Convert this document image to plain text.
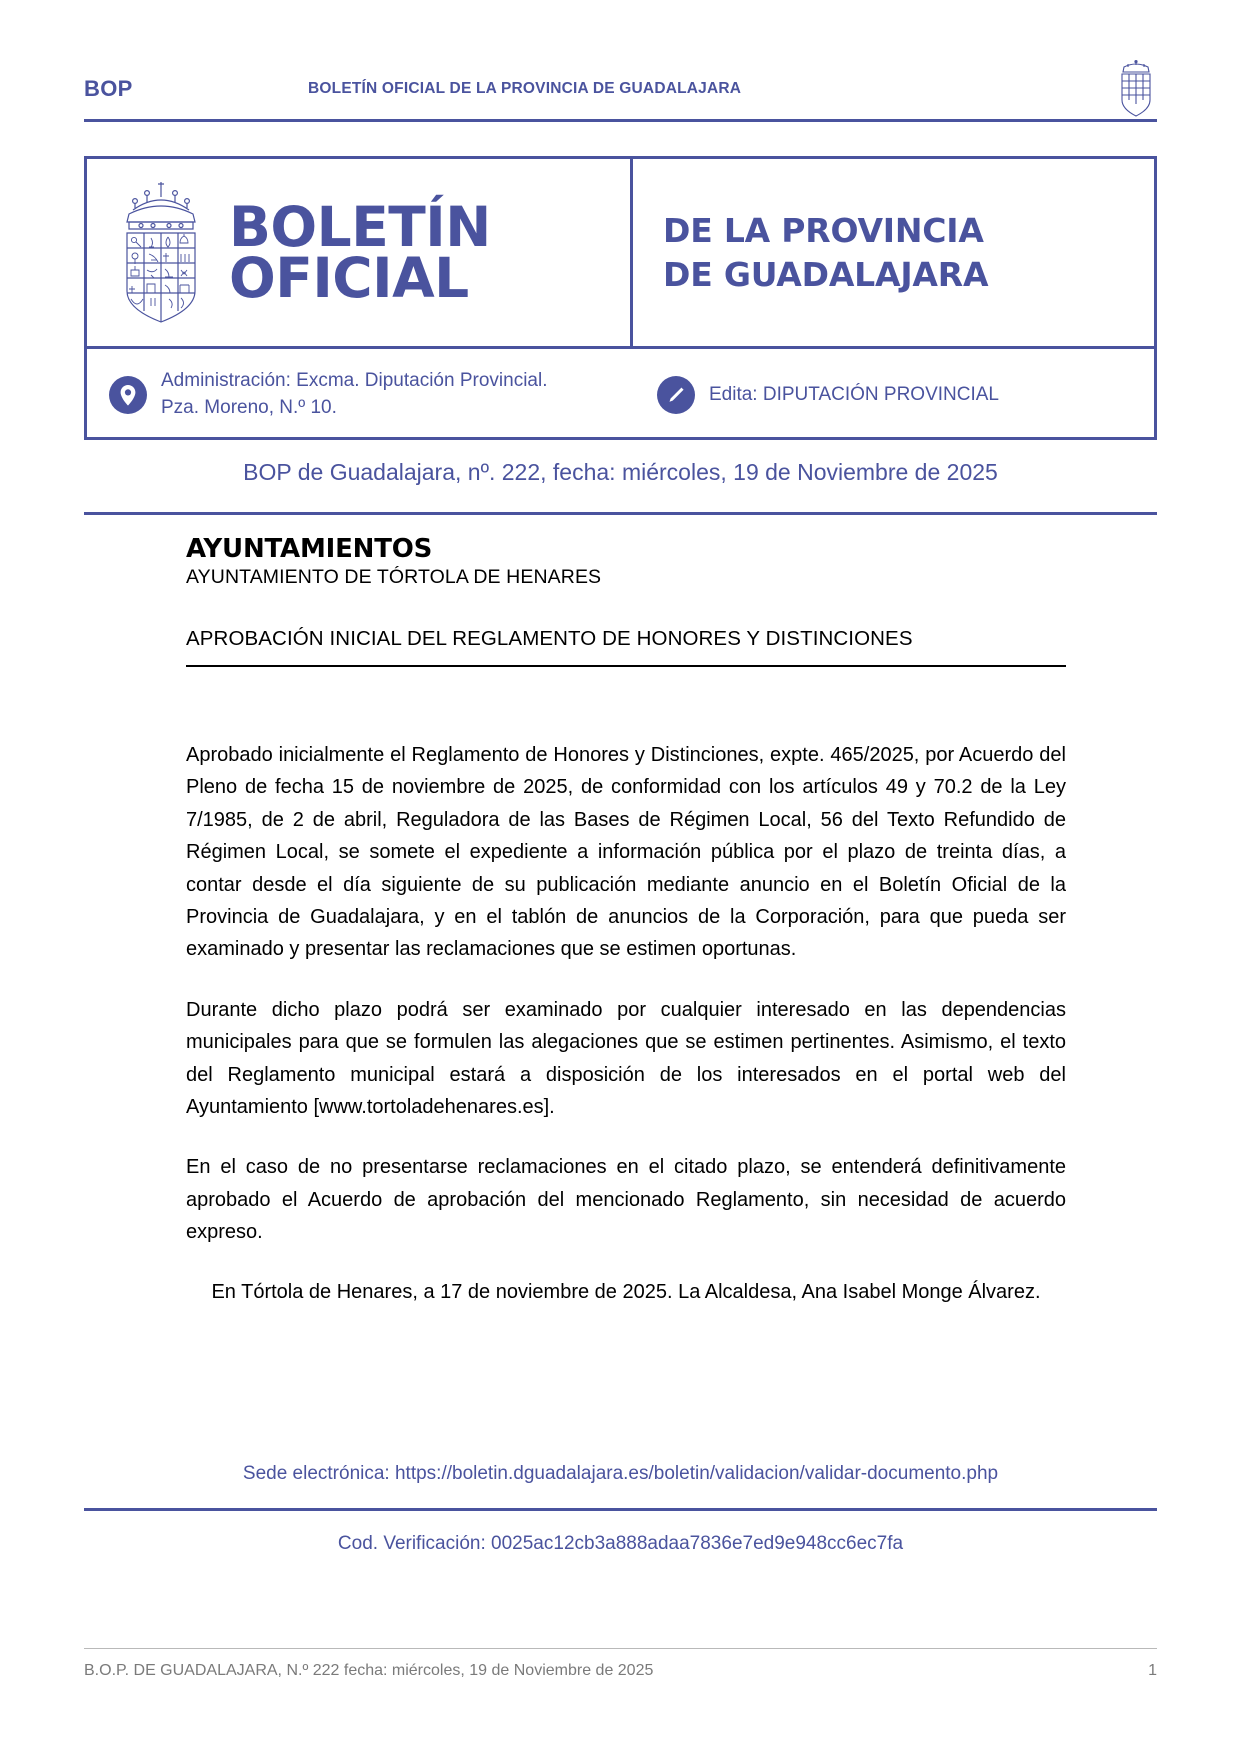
BOP	BOLETÍN OFICIAL DE LA PROVINCIA DE GUADALAJARA
BOLETÍN
OFICIAL
DE LA PROVINCIA
DE GUADALAJARA
Administración: Excma. Diputación Provincial.
Pza. Moreno, N.º 10.
Edita: DIPUTACIÓN PROVINCIAL
BOP de Guadalajara, nº. 222, fecha: miércoles, 19 de Noviembre de 2025
AYUNTAMIENTOS
AYUNTAMIENTO DE TÓRTOLA DE HENARES
APROBACIÓN INICIAL DEL REGLAMENTO DE HONORES Y DISTINCIONES

Aprobado inicialmente el Reglamento de Honores y Distinciones, expte. 465/2025, por Acuerdo del Pleno de fecha 15 de noviembre de 2025, de conformidad con los artículos 49 y 70.2 de la Ley 7/1985, de 2 de abril, Reguladora de las Bases de Régimen Local, 56 del Texto Refundido de Régimen Local, se somete el expediente a información pública por el plazo de treinta días, a contar desde el día siguiente de su publicación mediante anuncio en el Boletín Oficial de la Provincia de Guadalajara, y en el tablón de anuncios de la Corporación, para que pueda ser examinado y presentar las reclamaciones que se estimen oportunas.

Durante dicho plazo podrá ser examinado por cualquier interesado en las dependencias municipales para que se formulen las alegaciones que se estimen pertinentes. Asimismo, el texto del Reglamento municipal estará a disposición de los interesados en el portal web del Ayuntamiento [www.tortoladehenares.es].

En el caso de no presentarse reclamaciones en el citado plazo, se entenderá definitivamente aprobado el Acuerdo de aprobación del mencionado Reglamento, sin necesidad de acuerdo expreso.

En Tórtola de Henares, a 17 de noviembre de 2025. La Alcaldesa, Ana Isabel Monge Álvarez.

Sede electrónica: https://boletin.dguadalajara.es/boletin/validacion/validar-documento.php
Cod. Verificación: 0025ac12cb3a888adaa7836e7ed9e948cc6ec7fa
B.O.P. DE GUADALAJARA, N.º 222 fecha: miércoles, 19 de Noviembre de 2025	1
